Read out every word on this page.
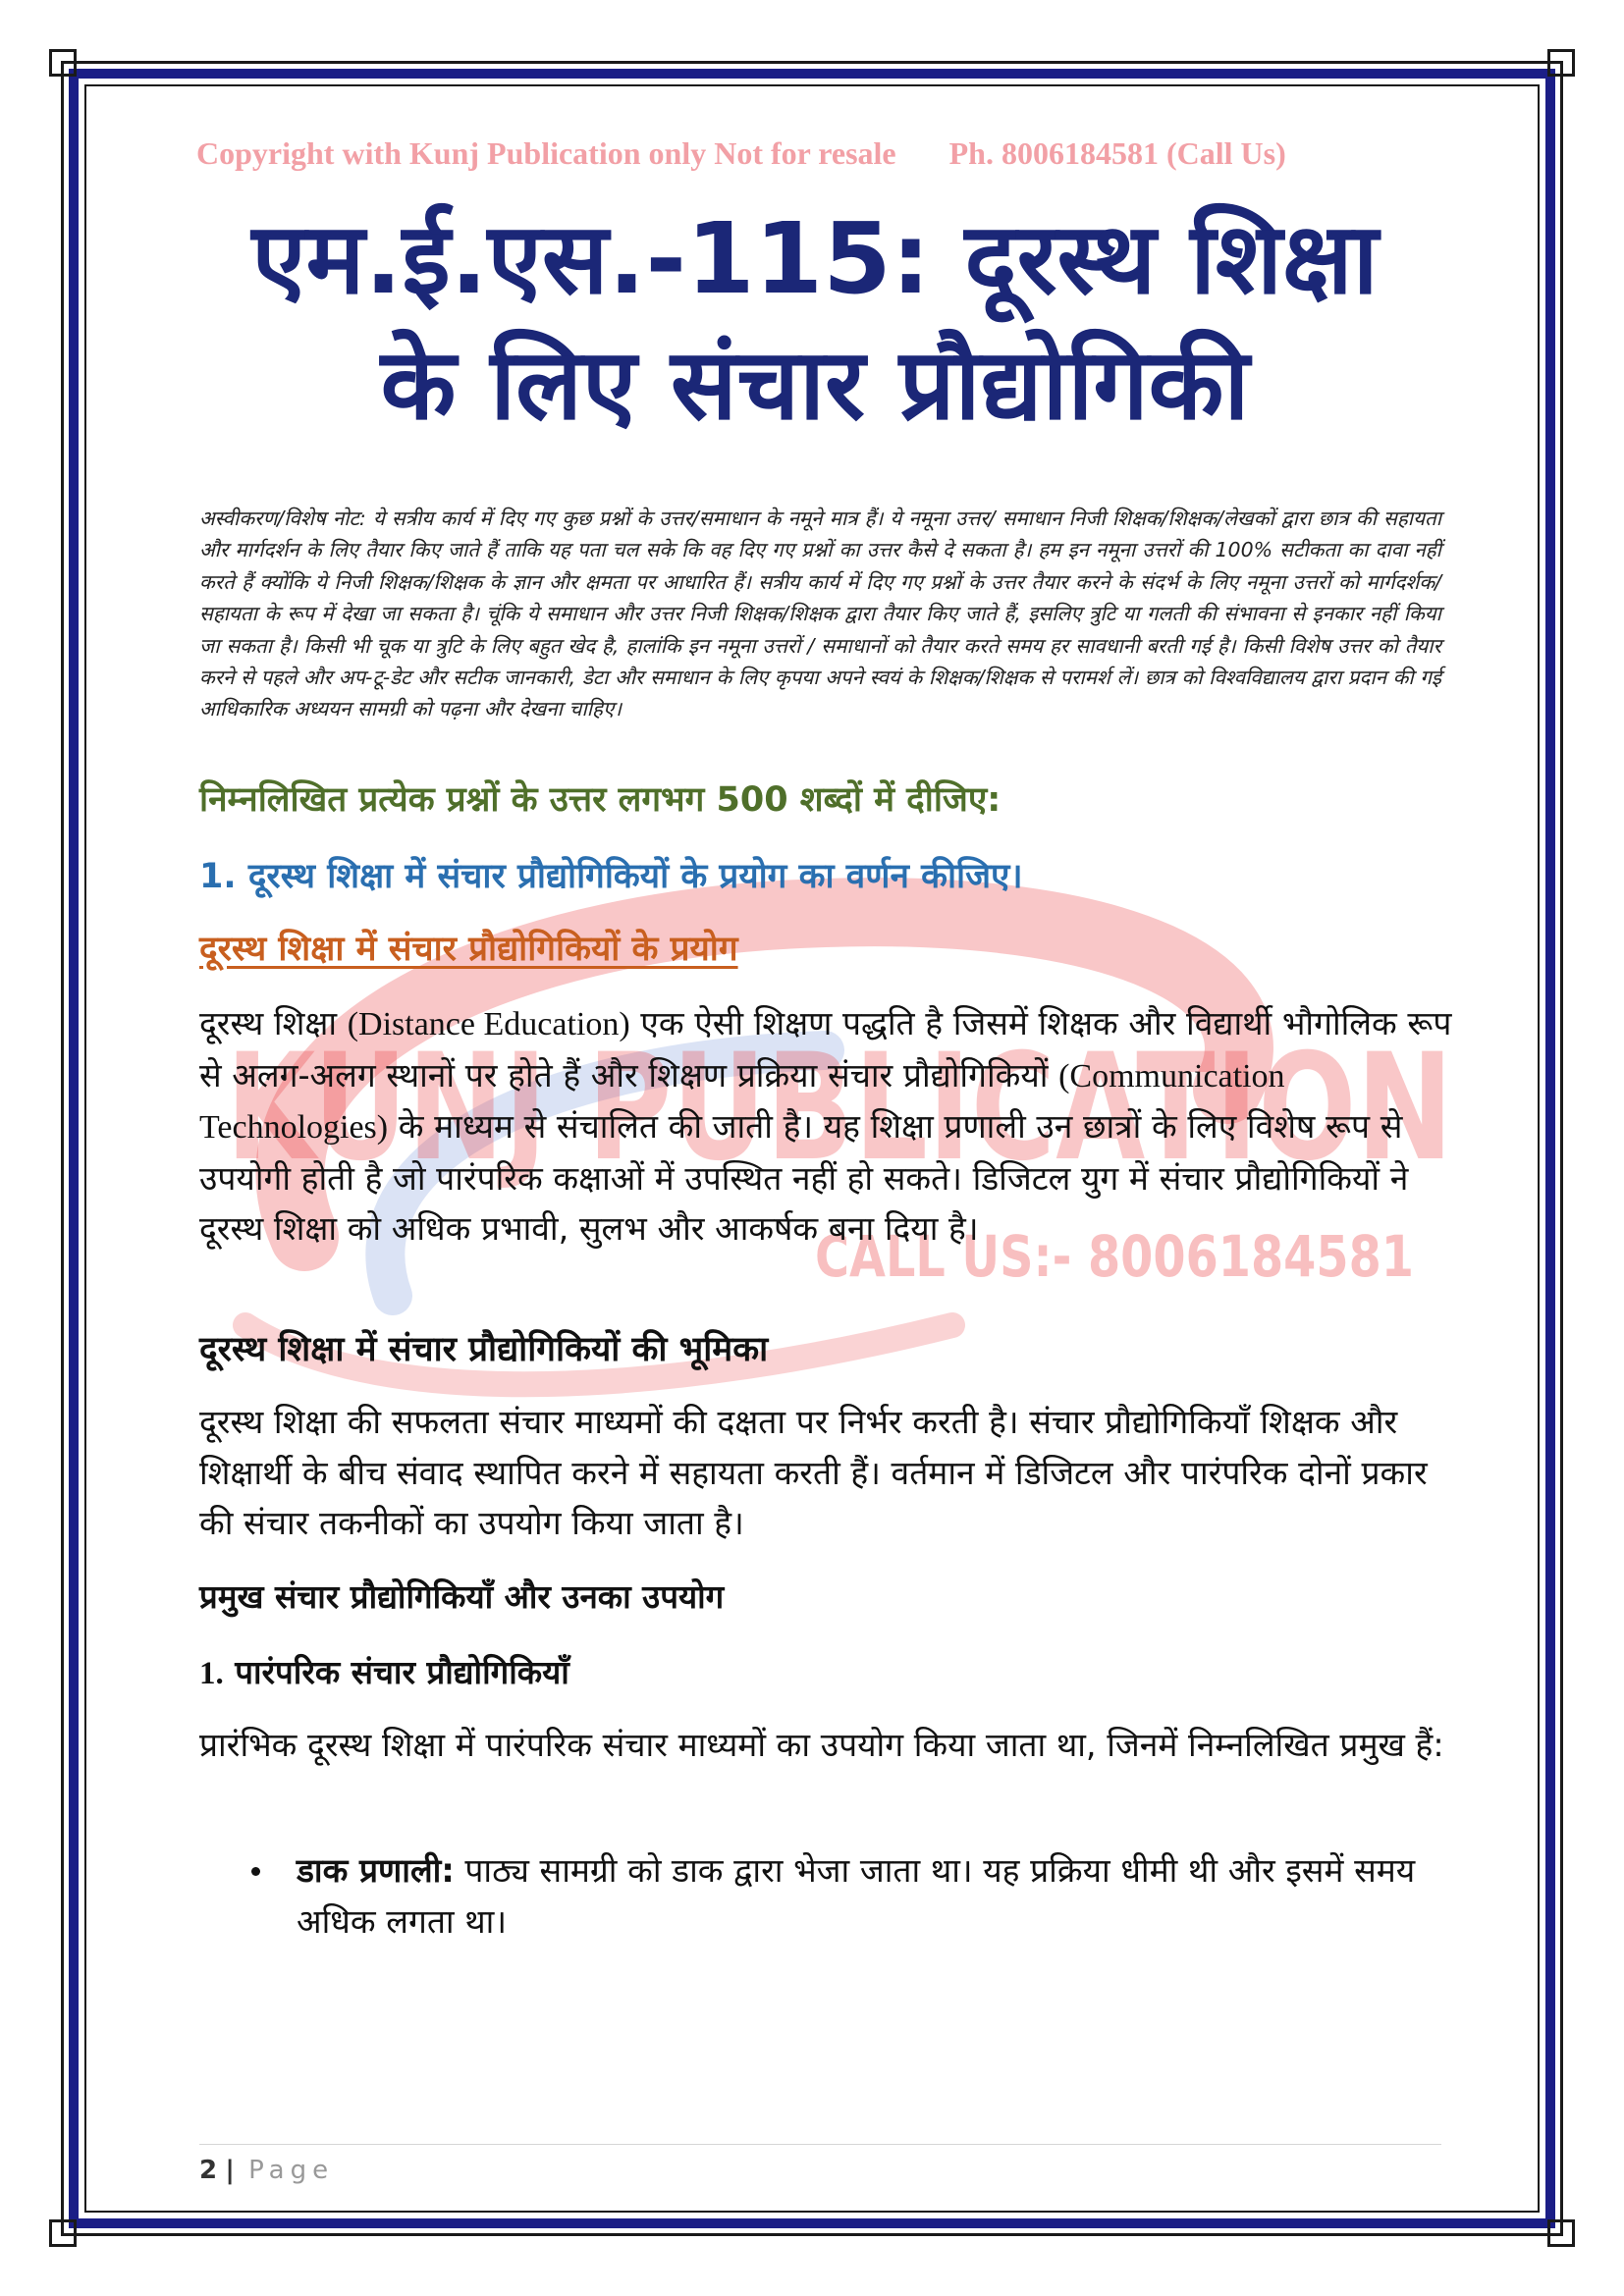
KUNJ PUBLICATION
CALL US:- 8006184581
Copyright with Kunj Publication only Not for resale Ph. 8006184581 (Call Us)
एम.ई.एस.-115: दूरस्थ शिक्षा
के लिए संचार प्रौद्योगिकी
अस्वीकरण/विशेष नोट: ये सत्रीय कार्य में दिए गए कुछ प्रश्नों के उत्तर/समाधान के नमूने मात्र हैं। ये नमूना उत्तर/ समाधान निजी शिक्षक/शिक्षक/लेखकों द्वारा छात्र की सहायता और मार्गदर्शन के लिए तैयार किए जाते हैं ताकि यह पता चल सके कि वह दिए गए प्रश्नों का उत्तर कैसे दे सकता है। हम इन नमूना उत्तरों की 100% सटीकता का दावा नहीं करते हैं क्योंकि ये निजी शिक्षक/शिक्षक के ज्ञान और क्षमता पर आधारित हैं। सत्रीय कार्य में दिए गए प्रश्नों के उत्तर तैयार करने के संदर्भ के लिए नमूना उत्तरों को मार्गदर्शक/सहायता के रूप में देखा जा सकता है। चूंकि ये समाधान और उत्तर निजी शिक्षक/शिक्षक द्वारा तैयार किए जाते हैं, इसलिए त्रुटि या गलती की संभावना से इनकार नहीं किया जा सकता है। किसी भी चूक या त्रुटि के लिए बहुत खेद है, हालांकि इन नमूना उत्तरों / समाधानों को तैयार करते समय हर सावधानी बरती गई है। किसी विशेष उत्तर को तैयार करने से पहले और अप-टू-डेट और सटीक जानकारी, डेटा और समाधान के लिए कृपया अपने स्वयं के शिक्षक/शिक्षक से परामर्श लें। छात्र को विश्वविद्यालय द्वारा प्रदान की गई आधिकारिक अध्ययन सामग्री को पढ़ना और देखना चाहिए।
निम्नलिखित प्रत्येक प्रश्नों के उत्तर लगभग 500 शब्दों में दीजिए:
1. दूरस्थ शिक्षा में संचार प्रौद्योगिकियों के प्रयोग का वर्णन कीजिए।
दूरस्थ शिक्षा में संचार प्रौद्योगिकियों के प्रयोग
दूरस्थ शिक्षा (Distance Education) एक ऐसी शिक्षण पद्धति है जिसमें शिक्षक और विद्यार्थी भौगोलिक रूप से अलग-अलग स्थानों पर होते हैं और शिक्षण प्रक्रिया संचार प्रौद्योगिकियों (Communication Technologies) के माध्यम से संचालित की जाती है। यह शिक्षा प्रणाली उन छात्रों के लिए विशेष रूप से उपयोगी होती है जो पारंपरिक कक्षाओं में उपस्थित नहीं हो सकते। डिजिटल युग में संचार प्रौद्योगिकियों ने दूरस्थ शिक्षा को अधिक प्रभावी, सुलभ और आकर्षक बना दिया है।
दूरस्थ शिक्षा में संचार प्रौद्योगिकियों की भूमिका
दूरस्थ शिक्षा की सफलता संचार माध्यमों की दक्षता पर निर्भर करती है। संचार प्रौद्योगिकियाँ शिक्षक और शिक्षार्थी के बीच संवाद स्थापित करने में सहायता करती हैं। वर्तमान में डिजिटल और पारंपरिक दोनों प्रकार की संचार तकनीकों का उपयोग किया जाता है।
प्रमुख संचार प्रौद्योगिकियाँ और उनका उपयोग
1. पारंपरिक संचार प्रौद्योगिकियाँ
प्रारंभिक दूरस्थ शिक्षा में पारंपरिक संचार माध्यमों का उपयोग किया जाता था, जिनमें निम्नलिखित प्रमुख हैं:
डाक प्रणाली: पाठ्य सामग्री को डाक द्वारा भेजा जाता था। यह प्रक्रिया धीमी थी और इसमें समय अधिक लगता था।
2 | Page
